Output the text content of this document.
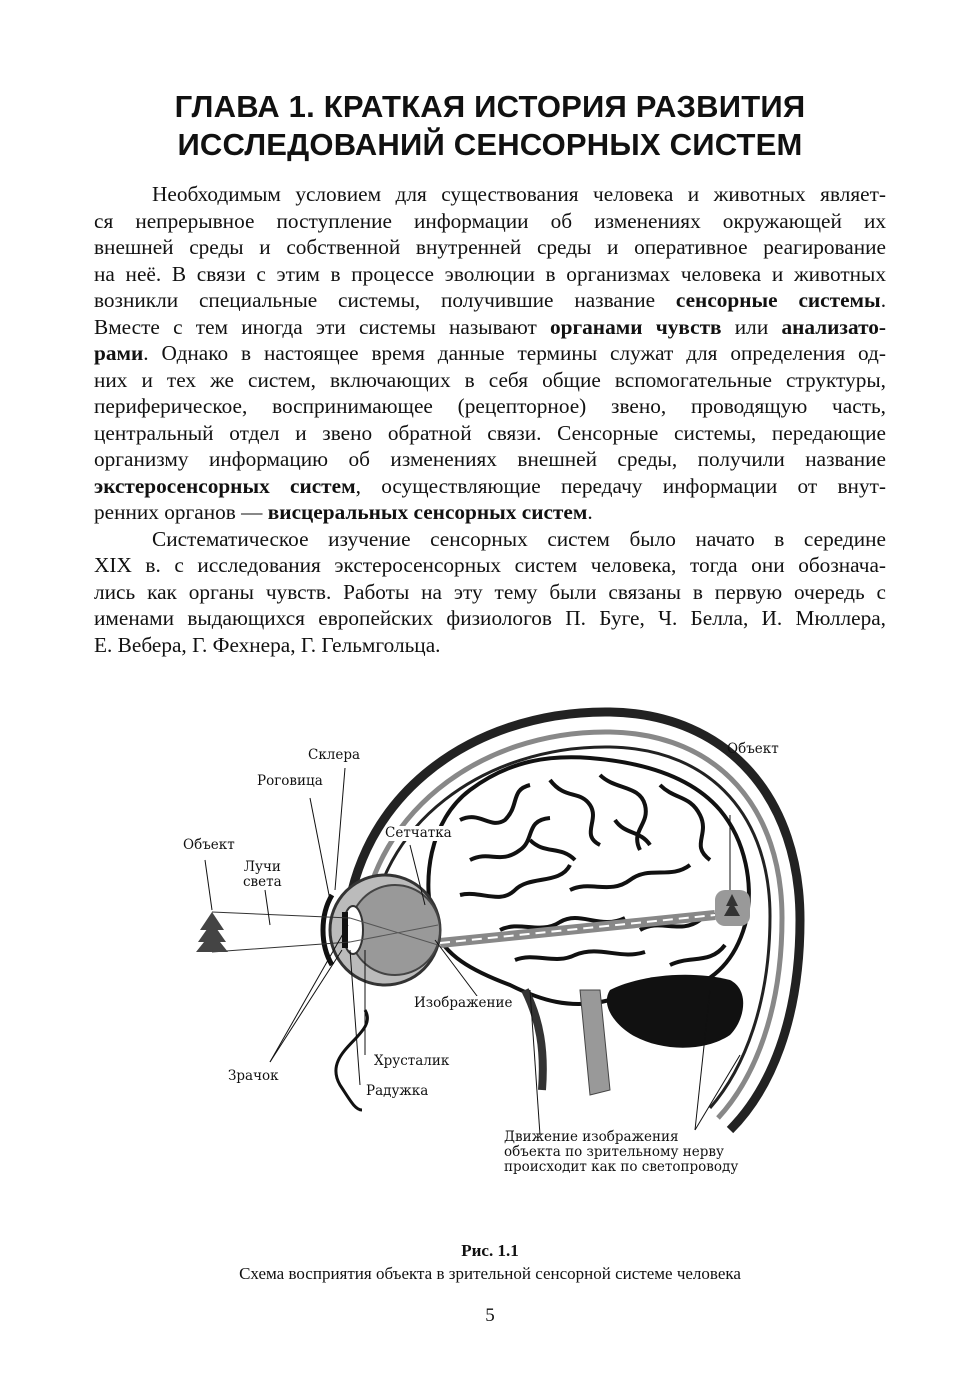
ГЛАВА 1. КРАТКАЯ ИСТОРИЯ РАЗВИТИЯ
ИССЛЕДОВАНИЙ СЕНСОРНЫХ СИСТЕМ
Необходимым условием для существования человека и животных являет-
ся непрерывное поступление информации об изменениях окружающей их
внешней среды и собственной внутренней среды и оперативное реагирование
на неё. В связи с этим в процессе эволюции в организмах человека и животных
возникли специальные системы, получившие название сенсорные системы.
Вместе с тем иногда эти системы называют органами чувств или анализато-
рами. Однако в настоящее время данные термины служат для определения од-
них и тех же систем, включающих в себя общие вспомогательные структуры,
периферическое, воспринимающее (рецепторное) звено, проводящую часть,
центральный отдел и звено обратной связи. Сенсорные системы, передающие
организму информацию об изменениях внешней среды, получили название
экстеросенсорных систем, осуществляющие передачу информации от внут-
ренних органов — висцеральных сенсорных систем.
Систематическое изучение сенсорных систем было начато в середине
XIX в. с исследования экстеросенсорных систем человека, тогда они обознача-
лись как органы чувств. Работы на эту тему были связаны в первую очередь с
именами выдающихся европейских физиологов П. Буге, Ч. Белла, И. Мюллера,
Е. Вебера, Г. Фехнера, Г. Гельмгольца.
Склера
Роговица
Сетчатка
Объект
Лучи
света
Изображение
Хрусталик
Зрачок
Радужка
Объект
Движение изображения
объекта по зрительному нерву
происходит как по светопроводу
Рис. 1.1
Схема восприятия объекта в зрительной сенсорной системе человека
5
